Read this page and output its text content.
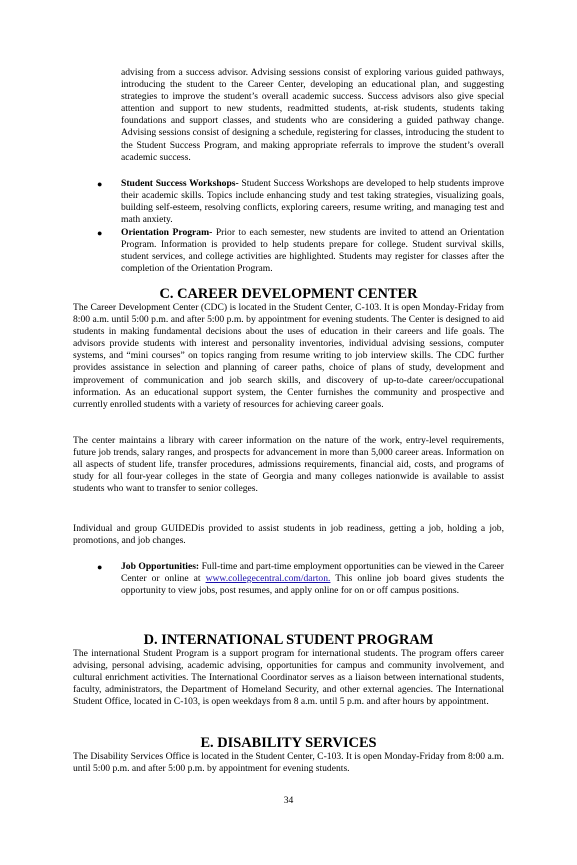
advising from a success advisor. Advising sessions consist of exploring various guided pathways, introducing the student to the Career Center, developing an educational plan, and suggesting strategies to improve the student’s overall academic success. Success advisors also give special attention and support to new students, readmitted students, at-risk students, students taking foundations and support classes, and students who are considering a guided pathway change. Advising sessions consist of designing a schedule, registering for classes, introducing the student to the Student Success Program, and making appropriate referrals to improve the student’s overall academic success.

● Student Success Workshops- Student Success Workshops are developed to help students improve their academic skills. Topics include enhancing study and test taking strategies, visualizing goals, building self-esteem, resolving conflicts, exploring careers, resume writing, and managing test and math anxiety.
● Orientation Program- Prior to each semester, new students are invited to attend an Orientation Program. Information is provided to help students prepare for college. Student survival skills, student services, and college activities are highlighted. Students may register for classes after the completion of the Orientation Program.
C. CAREER DEVELOPMENT CENTER

The Career Development Center (CDC) is located in the Student Center, C-103. It is open Monday-Friday from 8:00 a.m. until 5:00 p.m. and after 5:00 p.m. by appointment for evening students. The Center is designed to aid students in making fundamental decisions about the uses of education in their careers and life goals. The advisors provide students with interest and personality inventories, individual advising sessions, computer systems, and “mini courses” on topics ranging from resume writing to job interview skills. The CDC further provides assistance in selection and planning of career paths, choice of plans of study, development and improvement of communication and job search skills, and discovery of up-to-date career/occupational information. As an educational support system, the Center furnishes the community and prospective and currently enrolled students with a variety of resources for achieving career goals.

The center maintains a library with career information on the nature of the work, entry-level requirements, future job trends, salary ranges, and prospects for advancement in more than 5,000 career areas. Information on all aspects of student life, transfer procedures, admissions requirements, financial aid, costs, and programs of study for all four-year colleges in the state of Georgia and many colleges nationwide is available to assist students who want to transfer to senior colleges.

Individual and group GUIDEDis provided to assist students in job readiness, getting a job, holding a job, promotions, and job changes.

● Job Opportunities: Full-time and part-time employment opportunities can be viewed in the Career Center or online at www.collegecentral.com/darton. This online job board gives students the opportunity to view jobs, post resumes, and apply online for on or off campus positions.
D. INTERNATIONAL STUDENT PROGRAM

The international Student Program is a support program for international students. The program offers career advising, personal advising, academic advising, opportunities for campus and community involvement, and cultural enrichment activities. The International Coordinator serves as a liaison between international students, faculty, administrators, the Department of Homeland Security, and other external agencies. The International Student Office, located in C-103, is open weekdays from 8 a.m. until 5 p.m. and after hours by appointment.

E. DISABILITY SERVICES

The Disability Services Office is located in the Student Center, C-103. It is open Monday-Friday from 8:00 a.m. until 5:00 p.m. and after 5:00 p.m. by appointment for evening students.

34
